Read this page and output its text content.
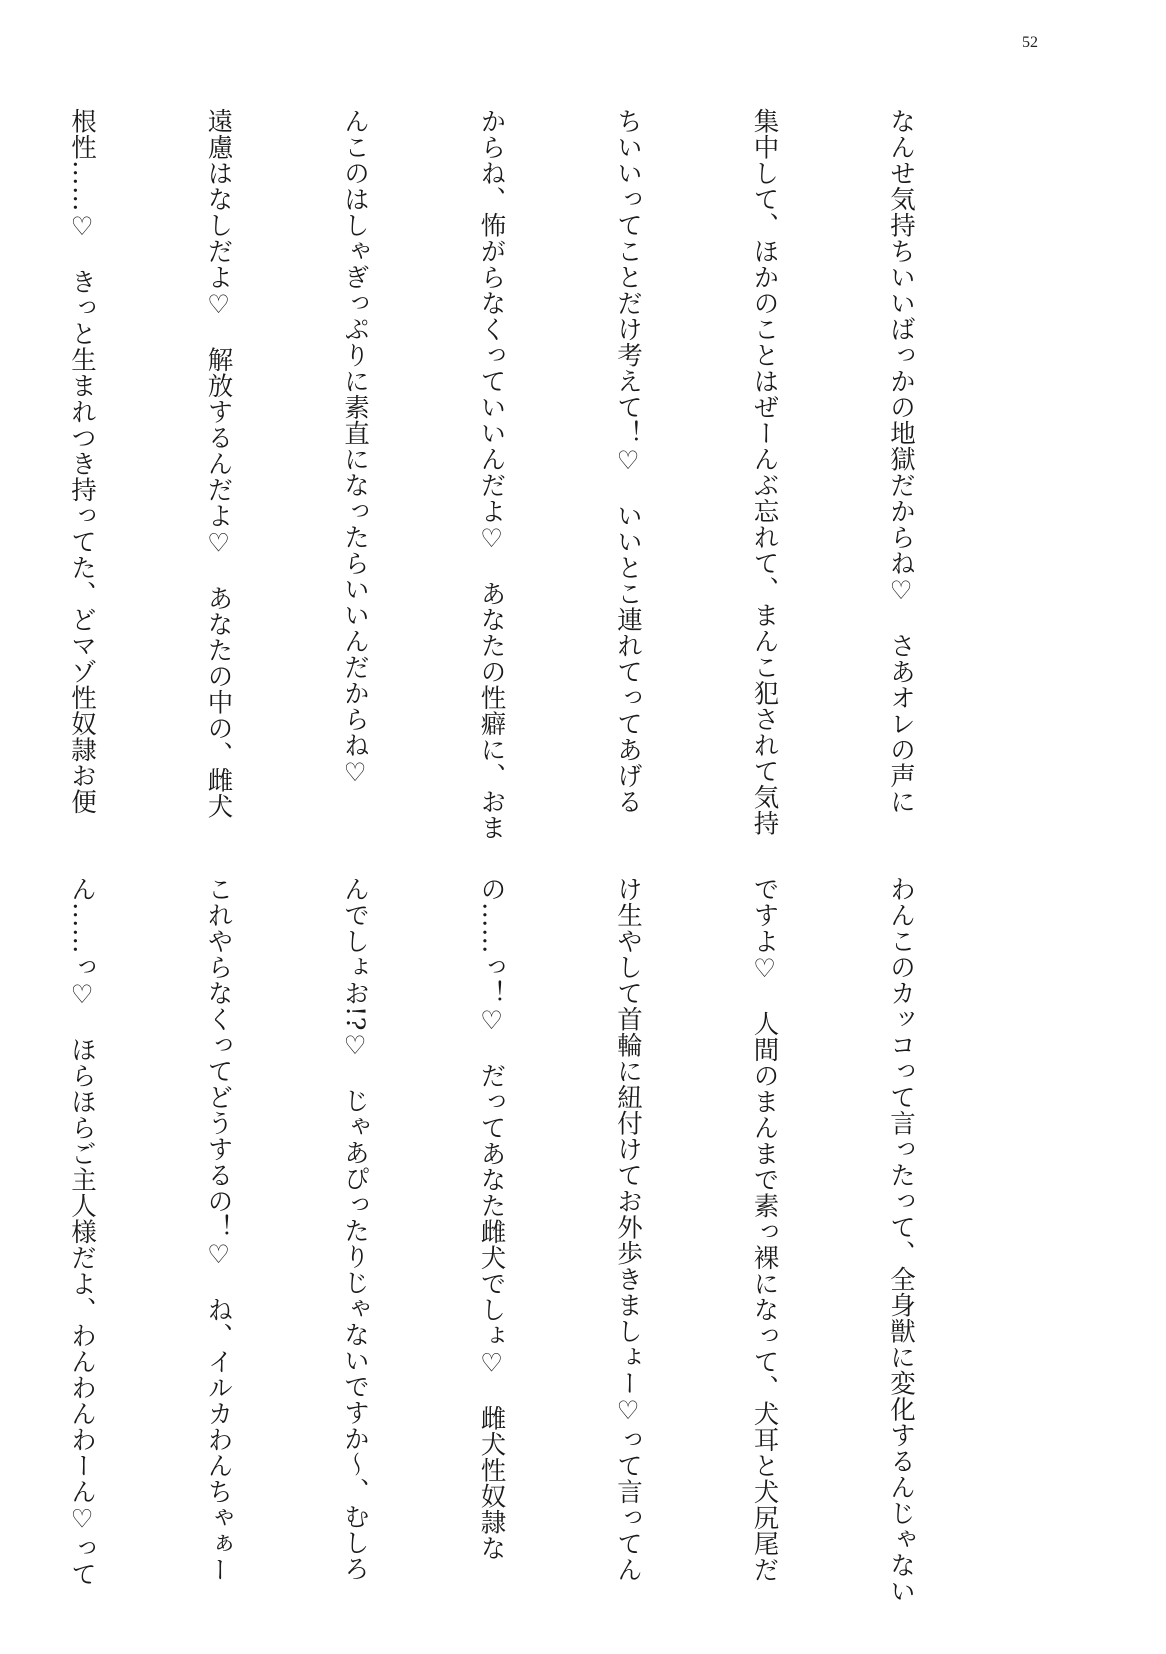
52

なんせ気持ちいいばっかの地獄だからね♡　さあオレの声に

集中して、ほかのことはぜーんぶ忘れて、まんこ犯されて気持

ちいいってことだけ考えて！♡　いいとこ連れてってあげる

からね、怖がらなくっていいんだよ♡　あなたの性癖に、おま

んこのはしゃぎっぷりに素直になったらいいんだからね♡

遠慮はなしだよ♡　解放するんだよ♡　あなたの中の、雌犬

根性……♡　きっと生まれつき持ってた、どマゾ性奴隷お便

わんこのカッコって言ったって、全身獣に変化するんじゃない

ですよ♡　人間のまんまで素っ裸になって、犬耳と犬尻尾だ

け生やして首輪に紐付けてお外歩きましょー♡って言ってん

の……っ！♡　だってあなた雌犬でしょ♡　雌犬性奴隷な

んでしょお!?♡　じゃあぴったりじゃないですか～、むしろ

これやらなくってどうするの！♡　ね、イルカわんちゃぁー

ん……っ♡　ほらほらご主人様だよ、わんわんわーん♡って
